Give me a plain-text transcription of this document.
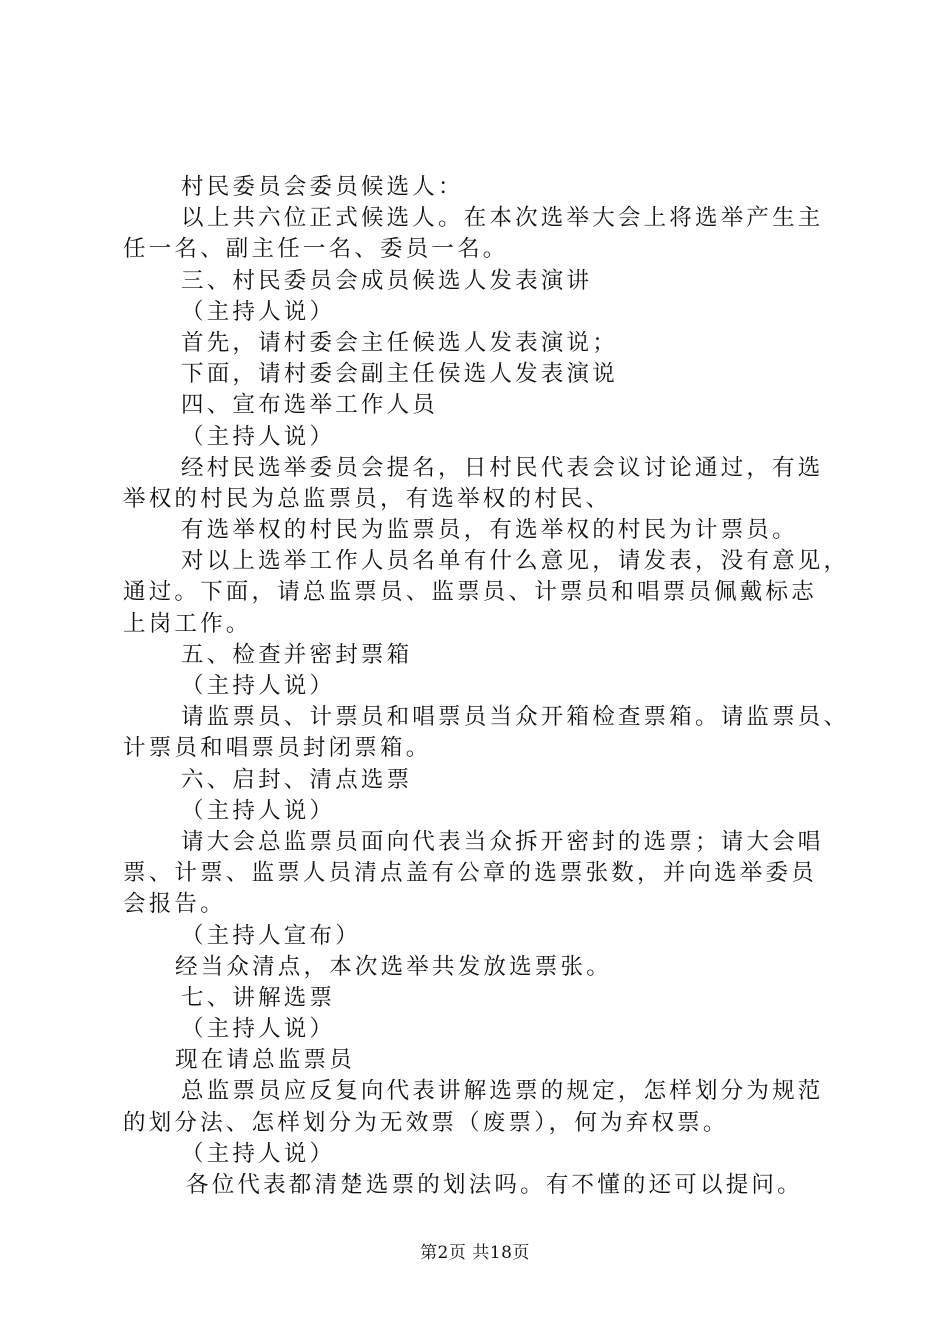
村民委员会委员候选人：
以上共六位正式候选人。在本次选举大会上将选举产生主
任一名、副主任一名、委员一名。
三、村民委员会成员候选人发表演讲
（主持人说）
首先，请村委会主任候选人发表演说；
下面，请村委会副主任侯选人发表演说
四、宣布选举工作人员
（主持人说）
经村民选举委员会提名，日村民代表会议讨论通过，有选
举权的村民为总监票员，有选举权的村民、
有选举权的村民为监票员，有选举权的村民为计票员。
对以上选举工作人员名单有什么意见，请发表，没有意见，
通过。下面，请总监票员、监票员、计票员和唱票员佩戴标志
上岗工作。
五、检查并密封票箱
（主持人说）
请监票员、计票员和唱票员当众开箱检查票箱。请监票员、
计票员和唱票员封闭票箱。
六、启封、清点选票
（主持人说）
请大会总监票员面向代表当众拆开密封的选票；请大会唱
票、计票、监票人员清点盖有公章的选票张数，并向选举委员
会报告。
（主持人宣布）
经当众清点，本次选举共发放选票张。
七、讲解选票
（主持人说）
现在请总监票员
总监票员应反复向代表讲解选票的规定，怎样划分为规范
的划分法、怎样划分为无效票（废票），何为弃权票。
（主持人说）
各位代表都清楚选票的划法吗。有不懂的还可以提问。
第2页 共18页
